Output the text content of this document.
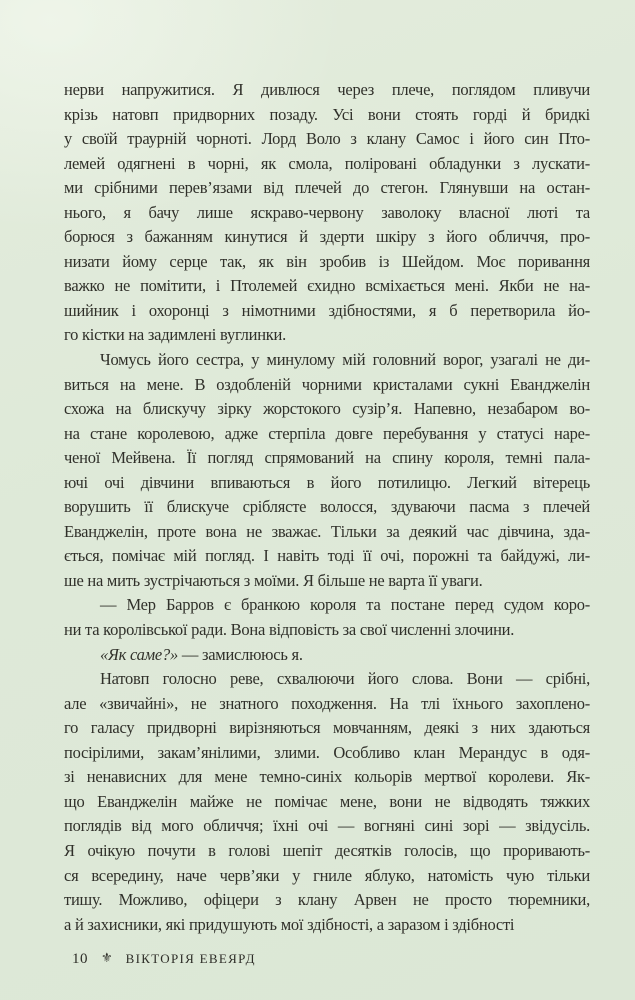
нерви напружитися. Я дивлюся через плече, поглядом пливучи
крізь натовп придворних позаду. Усі вони стоять горді й бридкі
у своїй траурній чорноті. Лорд Воло з клану Самос і його син Пто-
лемей одягнені в чорні, як смола, поліровані обладунки з лускати-
ми срібними перев’язами від плечей до стегон. Глянувши на остан-
нього, я бачу лише яскраво-червону заволоку власної люті та
борюся з бажанням кинутися й здерти шкіру з його обличчя, про-
низати йому серце так, як він зробив із Шейдом. Моє поривання
важко не помітити, і Птолемей єхидно всміхається мені. Якби не на-
шийник і охоронці з німотними здібностями, я б перетворила йо-
го кістки на задимлені вуглинки.
Чомусь його сестра, у минулому мій головний ворог, узагалі не ди-
виться на мене. В оздобленій чорними кристалами сукні Еванджелін
схожа на блискучу зірку жорстокого сузір’я. Напевно, незабаром во-
на стане королевою, адже стерпіла довге перебування у статусі наре-
ченої Мейвена. Її погляд спрямований на спину короля, темні пала-
ючі очі дівчини впиваються в його потилицю. Легкий вітерець
ворушить її блискуче сріблясте волосся, здуваючи пасма з плечей
Еванджелін, проте вона не зважає. Тільки за деякий час дівчина, зда-
ється, помічає мій погляд. І навіть тоді її очі, порожні та байдужі, ли-
ше на мить зустрічаються з моїми. Я більше не варта її уваги.
— Мер Барров є бранкою короля та постане перед судом коро-
ни та королівської ради. Вона відповість за свої численні злочини.
«Як саме?» — замислююсь я.
Натовп голосно реве, схвалюючи його слова. Вони — срібні,
але «звичайні», не знатного походження. На тлі їхнього захоплено-
го галасу придворні вирізняються мовчанням, деякі з них здаються
посірілими, закам’янілими, злими. Особливо клан Мерандус в одя-
зі ненависних для мене темно-синіх кольорів мертвої королеви. Як-
що Еванджелін майже не помічає мене, вони не відводять тяжких
поглядів від мого обличчя; їхні очі — вогняні сині зорі — звідусіль.
Я очікую почути в голові шепіт десятків голосів, що проривають-
ся всередину, наче черв’яки у гниле яблуко, натомість чую тільки
тишу. Можливо, офіцери з клану Арвен не просто тюремники,
а й захисники, які придушують мої здібності, а заразом і здібності
10 ⚜ ВІКТОРІЯ ЕВЕЯРД
